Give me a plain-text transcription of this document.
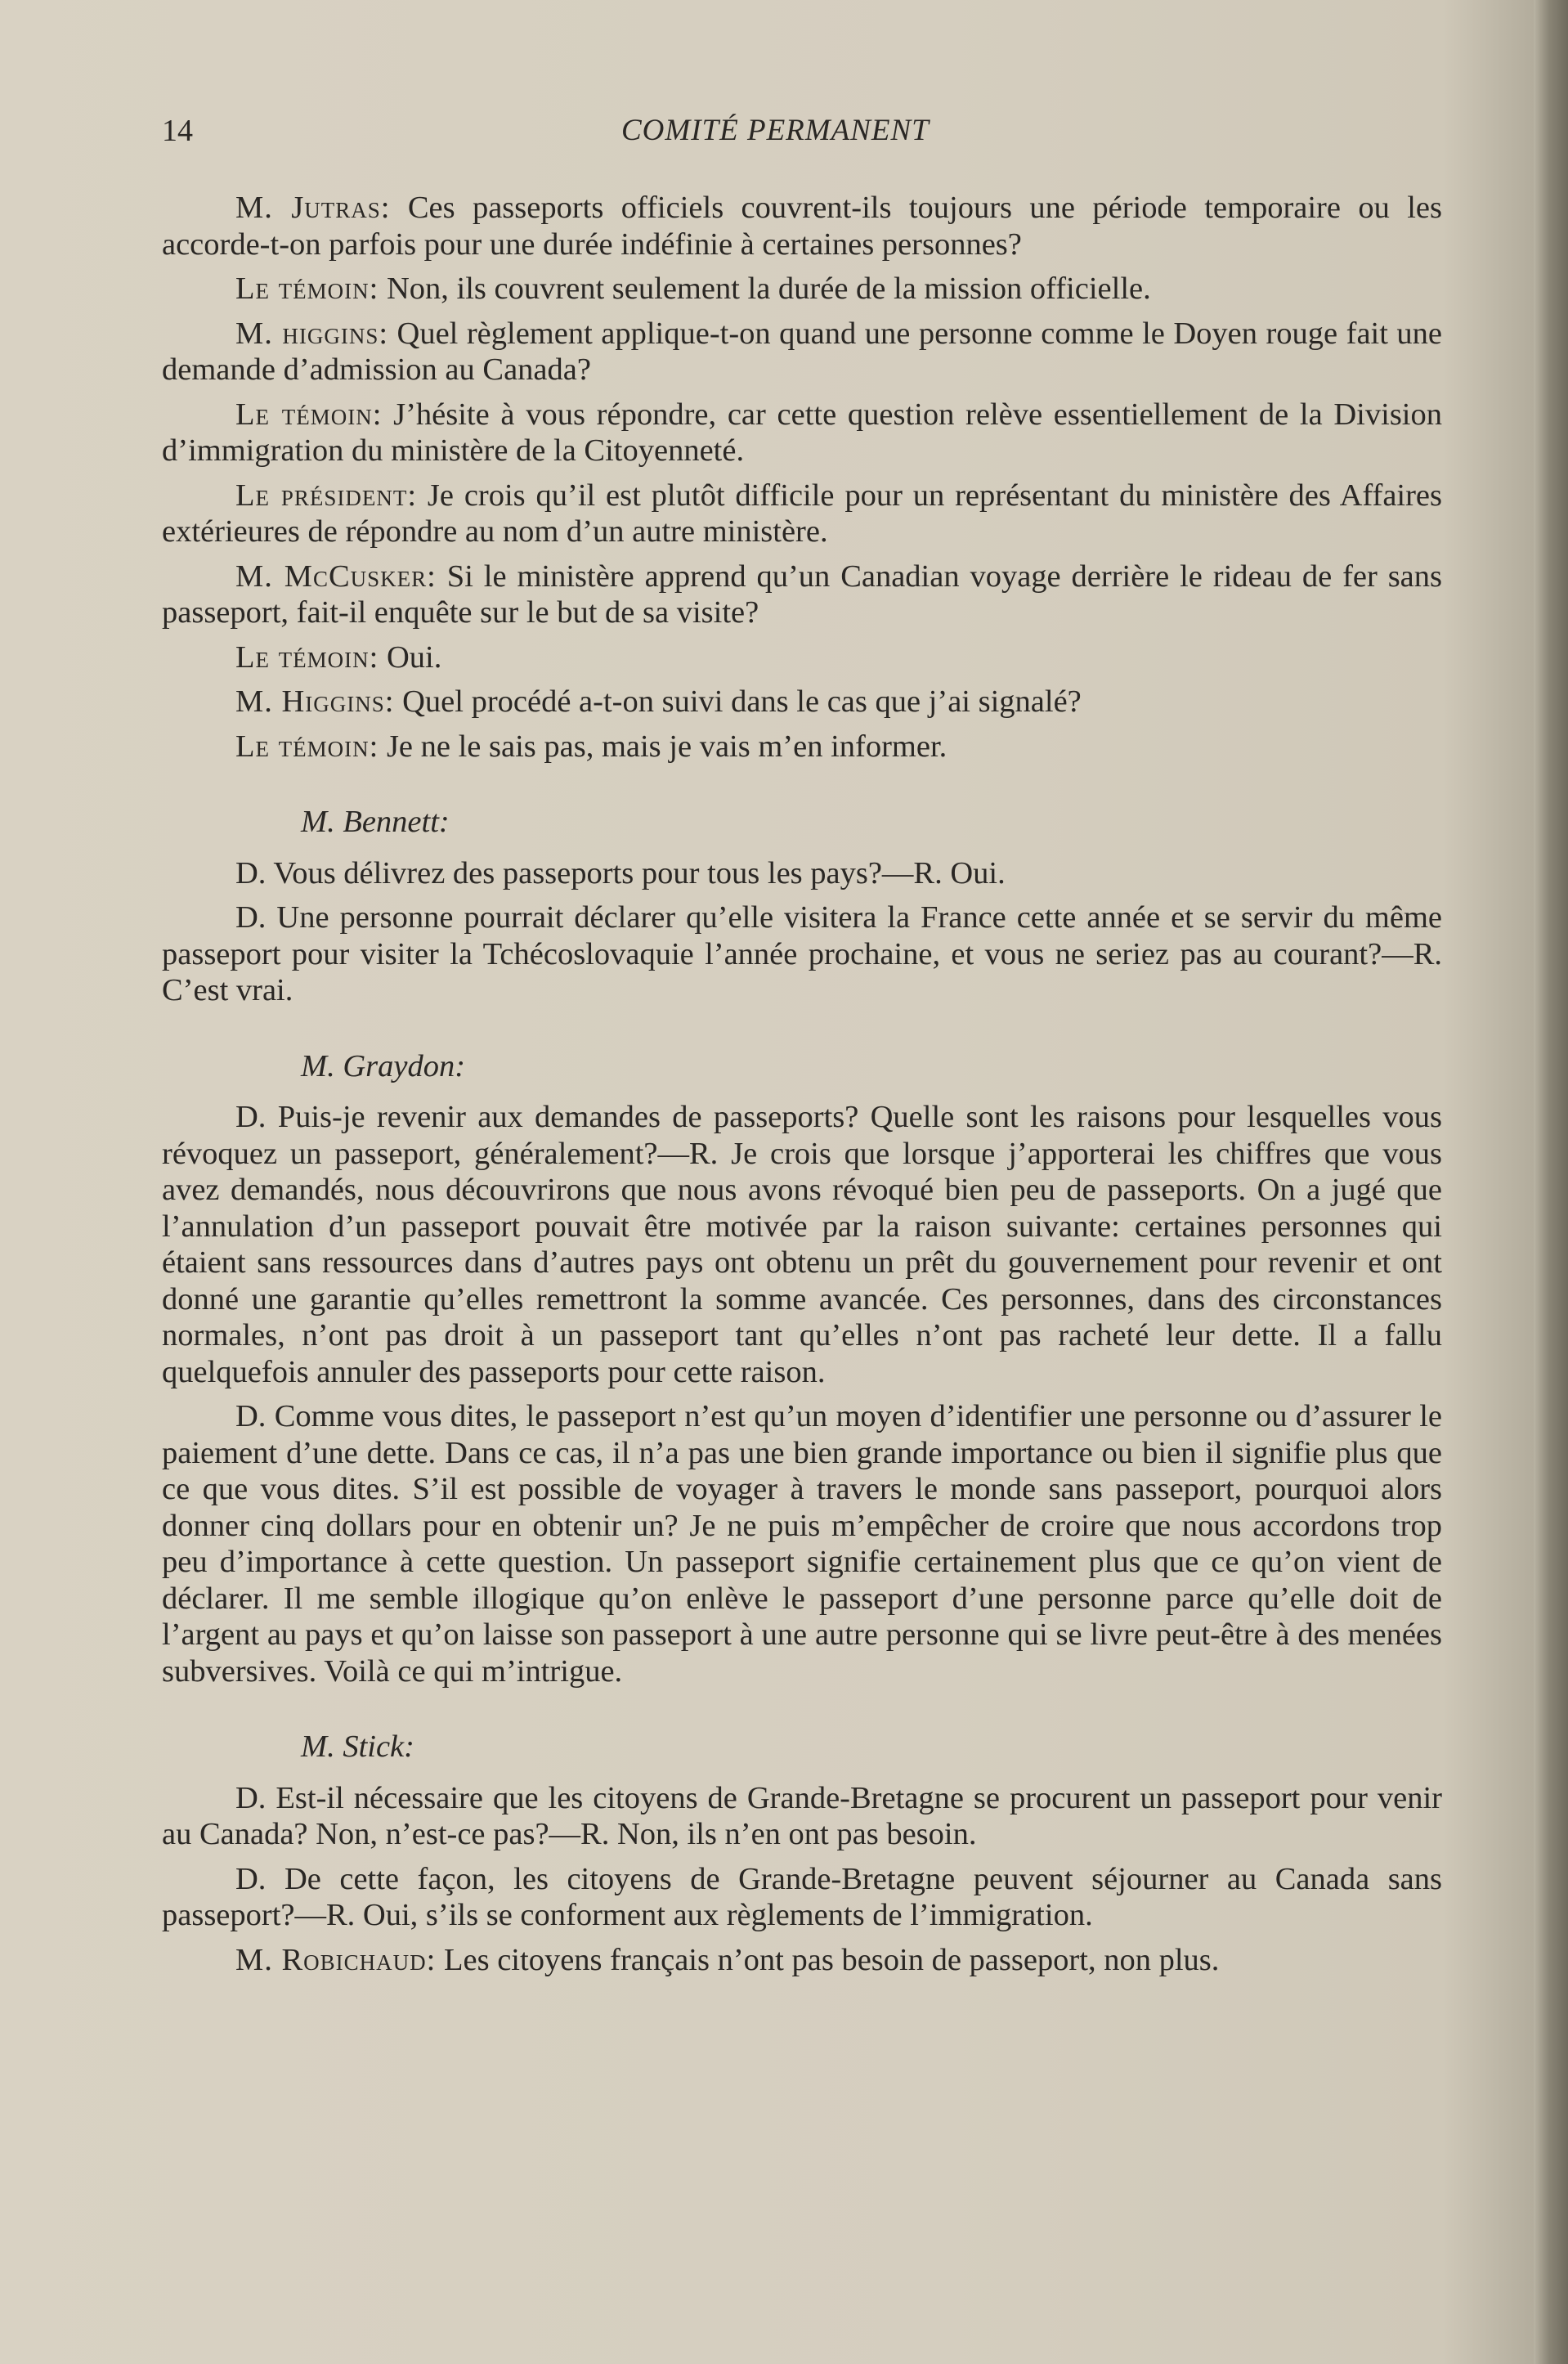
14	COMITÉ PERMANENT

M. Jutras: Ces passeports officiels couvrent-ils toujours une période temporaire ou les accorde-t-on parfois pour une durée indéfinie à certaines personnes?

Le témoin: Non, ils couvrent seulement la durée de la mission officielle.

M. higgins: Quel règlement applique-t-on quand une personne comme le Doyen rouge fait une demande d’admission au Canada?

Le témoin: J’hésite à vous répondre, car cette question relève essentiellement de la Division d’immigration du ministère de la Citoyenneté.

Le président: Je crois qu’il est plutôt difficile pour un représentant du ministère des Affaires extérieures de répondre au nom d’un autre ministère.

M. McCusker: Si le ministère apprend qu’un Canadian voyage derrière le rideau de fer sans passeport, fait-il enquête sur le but de sa visite?

Le témoin: Oui.

M. Higgins: Quel procédé a-t-on suivi dans le cas que j’ai signalé?

Le témoin: Je ne le sais pas, mais je vais m’en informer.

M. Bennett:

D. Vous délivrez des passeports pour tous les pays?—R. Oui.

D. Une personne pourrait déclarer qu’elle visitera la France cette année et se servir du même passeport pour visiter la Tchécoslovaquie l’année prochaine, et vous ne seriez pas au courant?—R. C’est vrai.

M. Graydon:

D. Puis-je revenir aux demandes de passeports? Quelle sont les raisons pour lesquelles vous révoquez un passeport, généralement?—R. Je crois que lorsque j’apporterai les chiffres que vous avez demandés, nous découvrirons que nous avons révoqué bien peu de passeports. On a jugé que l’annulation d’un passeport pouvait être motivée par la raison suivante: certaines personnes qui étaient sans ressources dans d’autres pays ont obtenu un prêt du gouvernement pour revenir et ont donné une garantie qu’elles remettront la somme avancée. Ces personnes, dans des circonstances normales, n’ont pas droit à un passeport tant qu’elles n’ont pas racheté leur dette. Il a fallu quelquefois annuler des passeports pour cette raison.

D. Comme vous dites, le passeport n’est qu’un moyen d’identifier une personne ou d’assurer le paiement d’une dette. Dans ce cas, il n’a pas une bien grande importance ou bien il signifie plus que ce que vous dites. S’il est possible de voyager à travers le monde sans passeport, pourquoi alors donner cinq dollars pour en obtenir un? Je ne puis m’empêcher de croire que nous accordons trop peu d’importance à cette question. Un passeport signifie certainement plus que ce qu’on vient de déclarer. Il me semble illogique qu’on enlève le passeport d’une personne parce qu’elle doit de l’argent au pays et qu’on laisse son passeport à une autre personne qui se livre peut-être à des menées subversives. Voilà ce qui m’intrigue.

M. Stick:

D. Est-il nécessaire que les citoyens de Grande-Bretagne se procurent un passeport pour venir au Canada? Non, n’est-ce pas?—R. Non, ils n’en ont pas besoin.

D. De cette façon, les citoyens de Grande-Bretagne peuvent séjourner au Canada sans passeport?—R. Oui, s’ils se conforment aux règlements de l’immigration.

M. Robichaud: Les citoyens français n’ont pas besoin de passeport, non plus.
